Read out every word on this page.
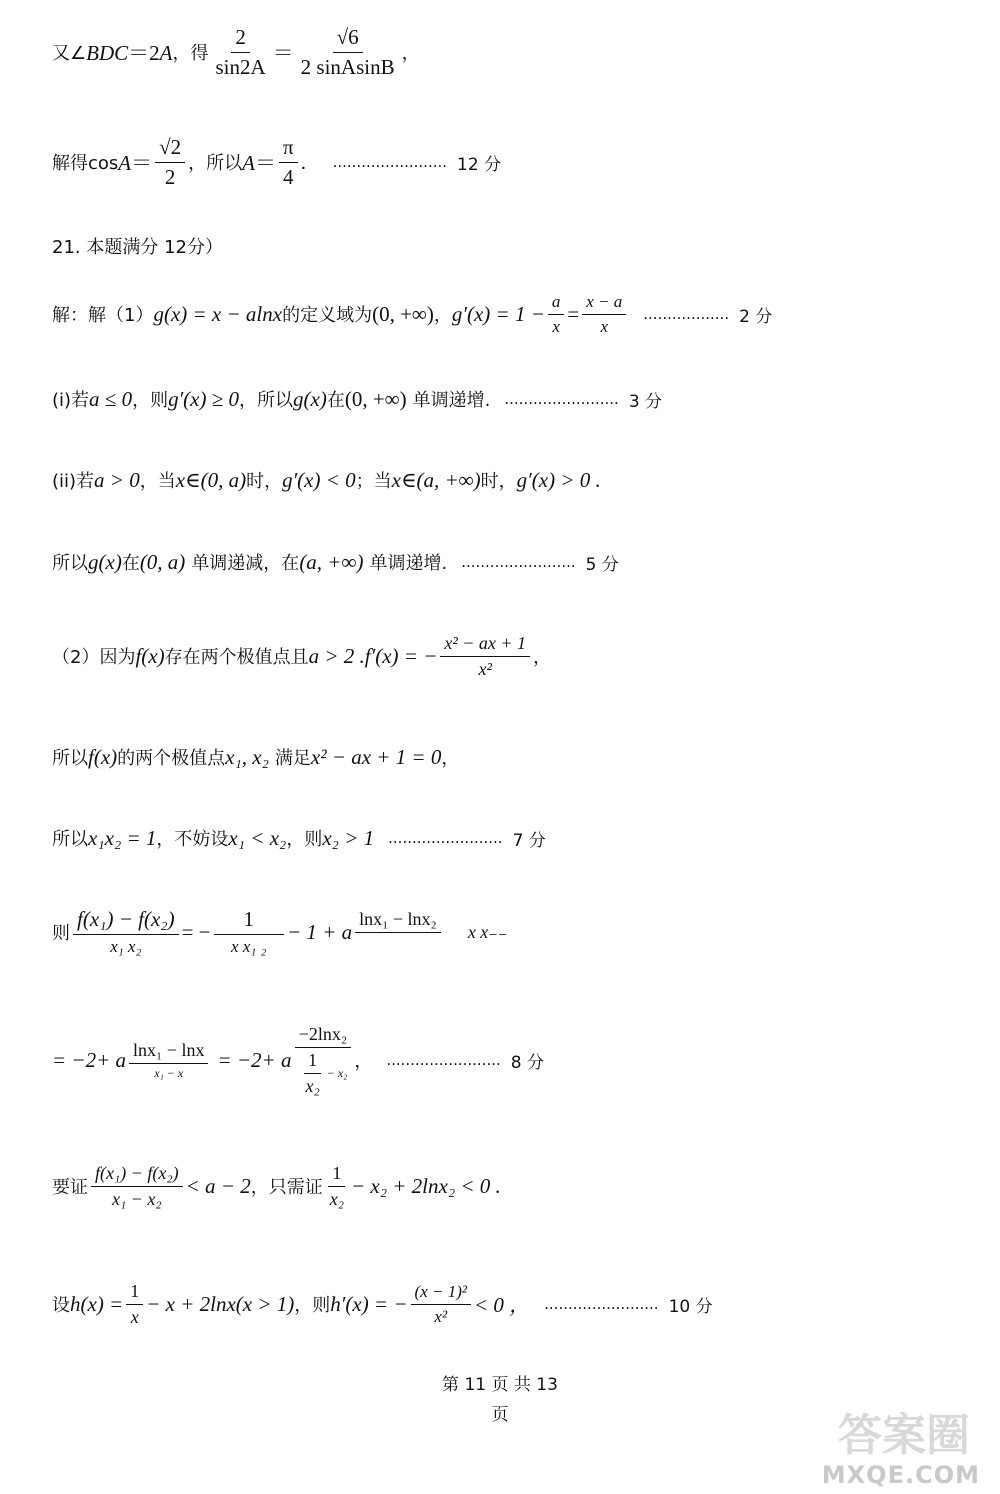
又∠ BDC＝2A ，得 $\frac{2}{\sin 2A} = \frac{√6}{\text{2 sinAsinB}}$ ，
解得$\cos A= \frac{√2}{2}$ ，所以 $A= \frac{\pi}{4}$ ． ........................ 12 分
21. 本题满分 12分）
解：解（1） g(x) = x − alnx 的定义域为 (0, +∞) ， $g'(x) = 1 - \frac{a}{x} = \frac{x - a}{x}$ .................. 2 分
(i)若 a ≤ 0 ，则 g′(x) ≥ 0 ，所以 g(x) 在 (0, +∞) 单调递增. ........................ 3 分
(ii)若 a > 0 ，当 x∈(0, a) 时， g′(x) < 0 ；当 x∈(a, +∞) 时， g′(x) > 0 .
所以 g(x) 在 (0, a) 单调递减，在 (a, +∞) 单调递增. ........................ 5 分
（2）因为 f(x) 存在两个极值点且 a > 2 . f′(x) = − $\frac{\text{x² − ax + 1}}{\text{x²}}$ ，
所以 f(x) 的两个极值点 x₁, x₂ 满足 x² − ax + 1 = 0 ，
所以 x₁x₂ = 1 ，不妨设 x₁ < x₂ ，则 x₂ > 1 ........................ 7 分
则 $\frac{\text{f(x₁) − f(x₂)}}{\text{x₁ x₂}}$ = − $\frac{1}{\text{x x₁ ₂}} - 1 + a$
lnx₁ − lnx₂

x x₋₋
= −2+ a $\frac{\text{lnx₁ − lnx}}{\text{x₁ − x}} = -2+ a \frac{\text{−2lnx₂}}{\frac{1}{\text{x₂}} - x_2}$ ， ........................ 8 分
要证 $\frac{\text{f(x₁) − f(x₂)}}{\text{x₁ − x₂}} < a - 2$ ，只需证 $\frac{1}{\text{x₂}} - x_2 + 2\ln x_2 < 0$ .
设 $h(x) = \frac{1}{x} - x + 2\ln x(x > 1)$ ，则 h′(x) = − $\frac{\text{(x − 1)²}}{\text{x²}} < 0$ ， ........................ 10 分
第 11 页 共 13
页	答案圈
MXQE.COM
